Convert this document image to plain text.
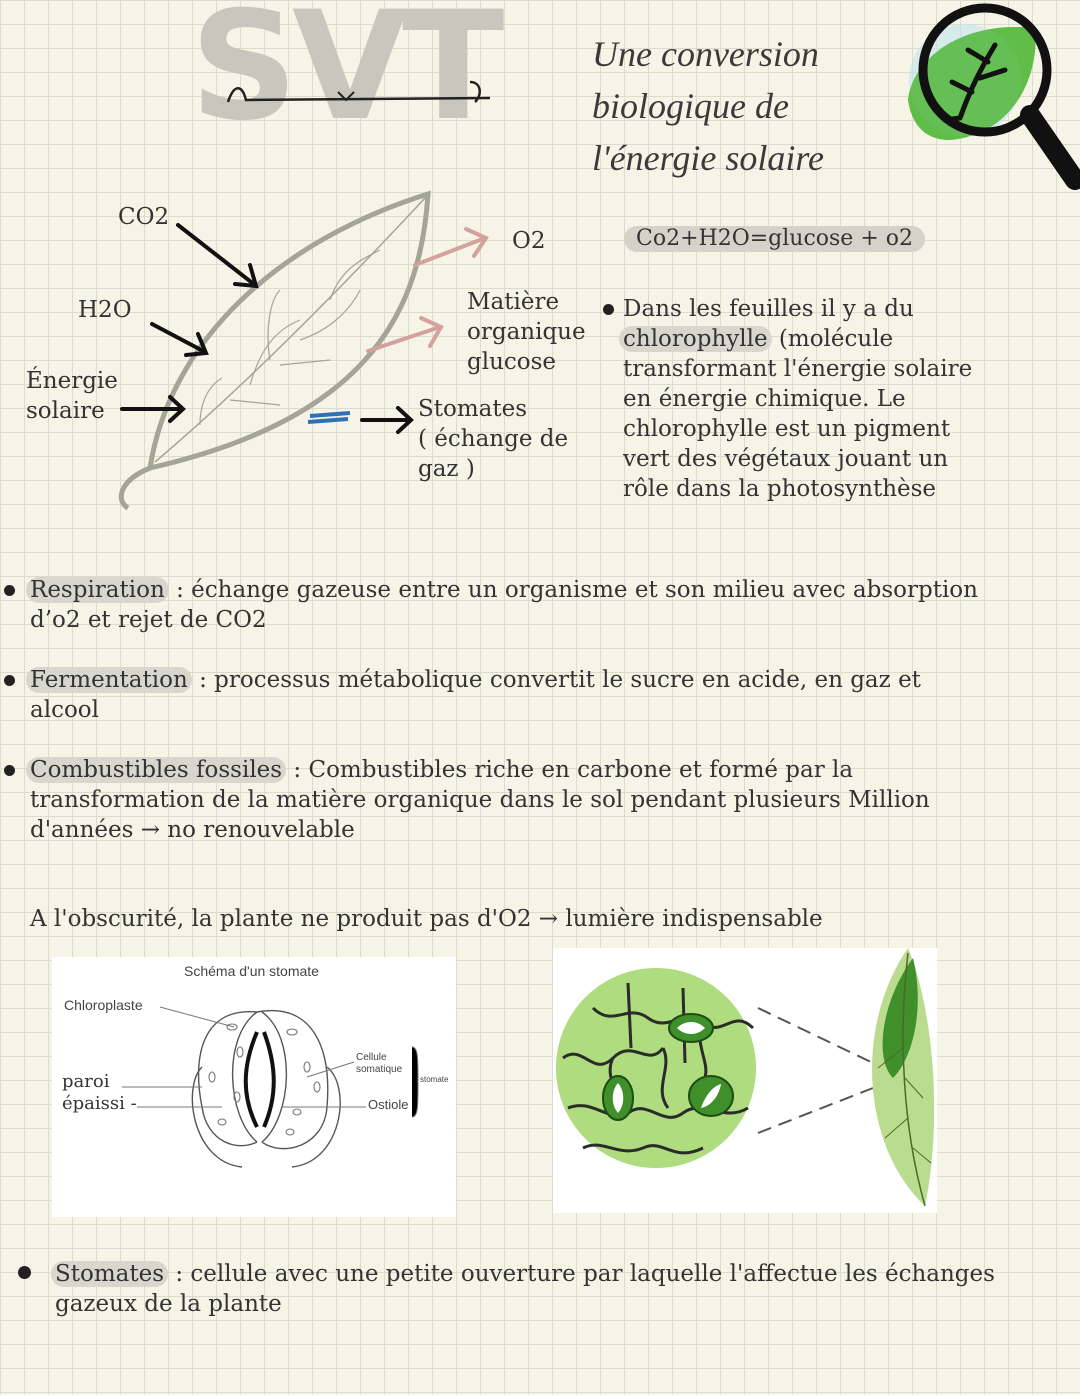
SVT	Une conversion
biologique de
l'énergie solaire
Co2+H2O=glucose + o2
CO2
H2O
Énergie
solaire
O2
Matière
organique
glucose
Stomates
( échange de
gaz )
Dans les feuilles il y a du
chlorophylle (molécule
transformant l'énergie solaire
en énergie chimique. Le
chlorophylle est un pigment
vert des végétaux jouant un
rôle dans la photosynthèse
Respiration : échange gazeuse entre un organisme et son milieu avec absorption
d’o2 et rejet de CO2
Fermentation : processus métabolique convertit le sucre en acide, en gaz et
alcool
Combustibles fossiles : Combustibles riche en carbone et formé par la
transformation de la matière organique dans le sol pendant plusieurs Million
d'années → no renouvelable
A l'obscurité, la plante ne produit pas d'O2 → lumière indispensable
Schéma d'un stomate
Chloroplaste
paroi
épaissi -
Cellule
somatique
stomate
Ostiole
Stomates : cellule avec une petite ouverture par laquelle l'affectue les échanges
gazeux de la plante
